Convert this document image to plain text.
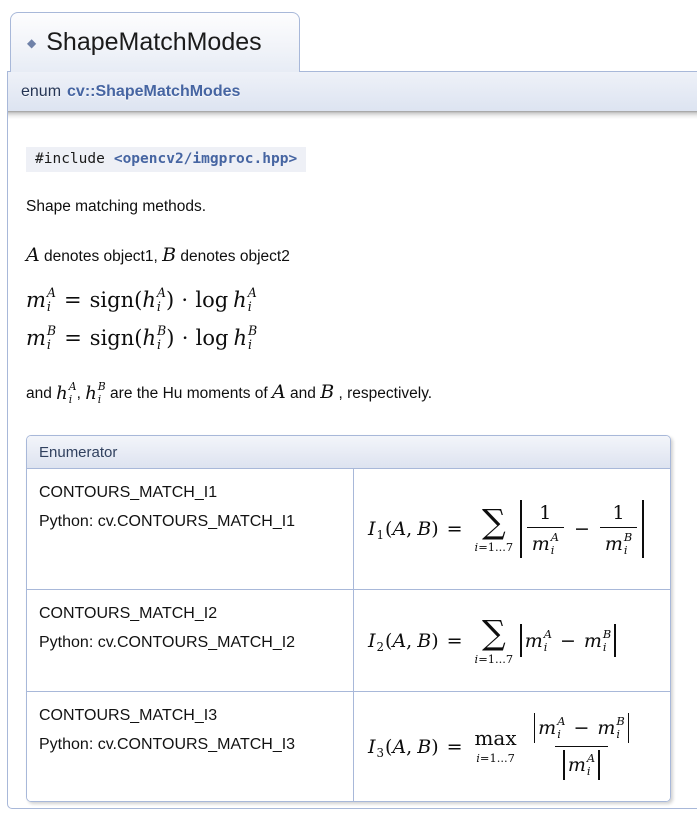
◆ ShapeMatchModes
enum cv::ShapeMatchModes
#include <opencv2/imgproc.hpp>

Shape matching methods.

A denotes object1, B denotes object2

m A
i = sign ( h A
i ) ⋅ log h A
i
m B
i = sign ( h B
i ) ⋅ log h B
i

and h A
i , h B
i are the Hu moments of A and B , respectively.

Enumerator	

CONTOURS_MATCH_I1
Python: cv.CONTOURS_MATCH_I1	I 1 ( A , B ) = ∑
i =1...7 1
m A
i − 1
m B
i

CONTOURS_MATCH_I2
Python: cv.CONTOURS_MATCH_I2	I 2 ( A , B ) = ∑
i =1...7
m A
i − m B
i

CONTOURS_MATCH_I3
Python: cv.CONTOURS_MATCH_I3	I 3 ( A , B ) = max
i =1...7 m A
i − m B
i
m A
i
